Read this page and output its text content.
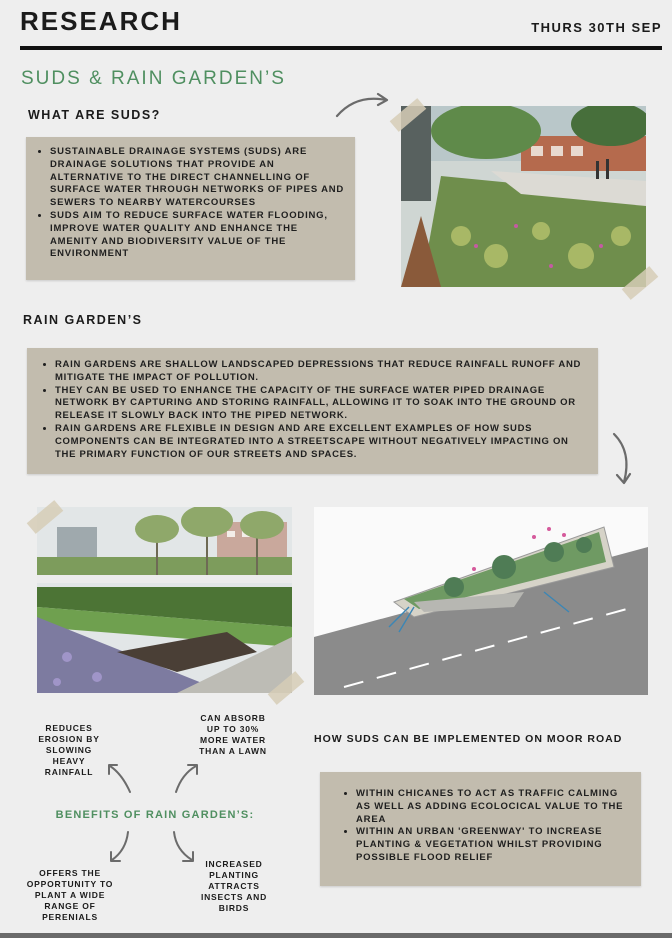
RESEARCH	THURS 30TH SEP
SUDS & RAIN GARDEN’S
WHAT ARE SUDS?
• SUSTAINABLE DRAINAGE SYSTEMS (SUDS) ARE DRAINAGE SOLUTIONS THAT PROVIDE AN ALTERNATIVE TO THE DIRECT CHANNELLING OF SURFACE WATER THROUGH NETWORKS OF PIPES AND SEWERS TO NEARBY WATERCOURSES
• SUDS AIM TO REDUCE SURFACE WATER FLOODING, IMPROVE WATER QUALITY AND ENHANCE THE AMENITY AND BIODIVERSITY VALUE OF THE ENVIRONMENT
RAIN GARDEN’S
• RAIN GARDENS ARE SHALLOW LANDSCAPED DEPRESSIONS THAT REDUCE RAINFALL RUNOFF AND MITIGATE THE IMPACT OF POLLUTION.
• THEY CAN BE USED TO ENHANCE THE CAPACITY OF THE SURFACE WATER PIPED DRAINAGE NETWORK BY CAPTURING AND STORING RAINFALL, ALLOWING IT TO SOAK INTO THE GROUND OR RELEASE IT SLOWLY BACK INTO THE PIPED NETWORK.
• RAIN GARDENS ARE FLEXIBLE IN DESIGN AND ARE EXCELLENT EXAMPLES OF HOW SUDS COMPONENTS CAN BE INTEGRATED INTO A STREETSCAPE WITHOUT NEGATIVELY IMPACTING ON THE PRIMARY FUNCTION OF OUR STREETS AND SPACES.
REDUCES EROSION BY SLOWING HEAVY RAINFALL
CAN ABSORB UP TO 30% MORE WATER THAN A LAWN
BENEFITS OF RAIN GARDEN’S:
OFFERS THE OPPORTUNITY TO PLANT A WIDE RANGE OF PERENIALS
INCREASED PLANTING ATTRACTS INSECTS AND BIRDS
HOW SUDS CAN BE IMPLEMENTED ON MOOR ROAD
• WITHIN CHICANES TO ACT AS TRAFFIC CALMING AS WELL AS ADDING ECOLOCICAL VALUE TO THE AREA
• WITHIN AN URBAN 'GREENWAY' TO INCREASE PLANTING & VEGETATION WHILST PROVIDING POSSIBLE FLOOD RELIEF
